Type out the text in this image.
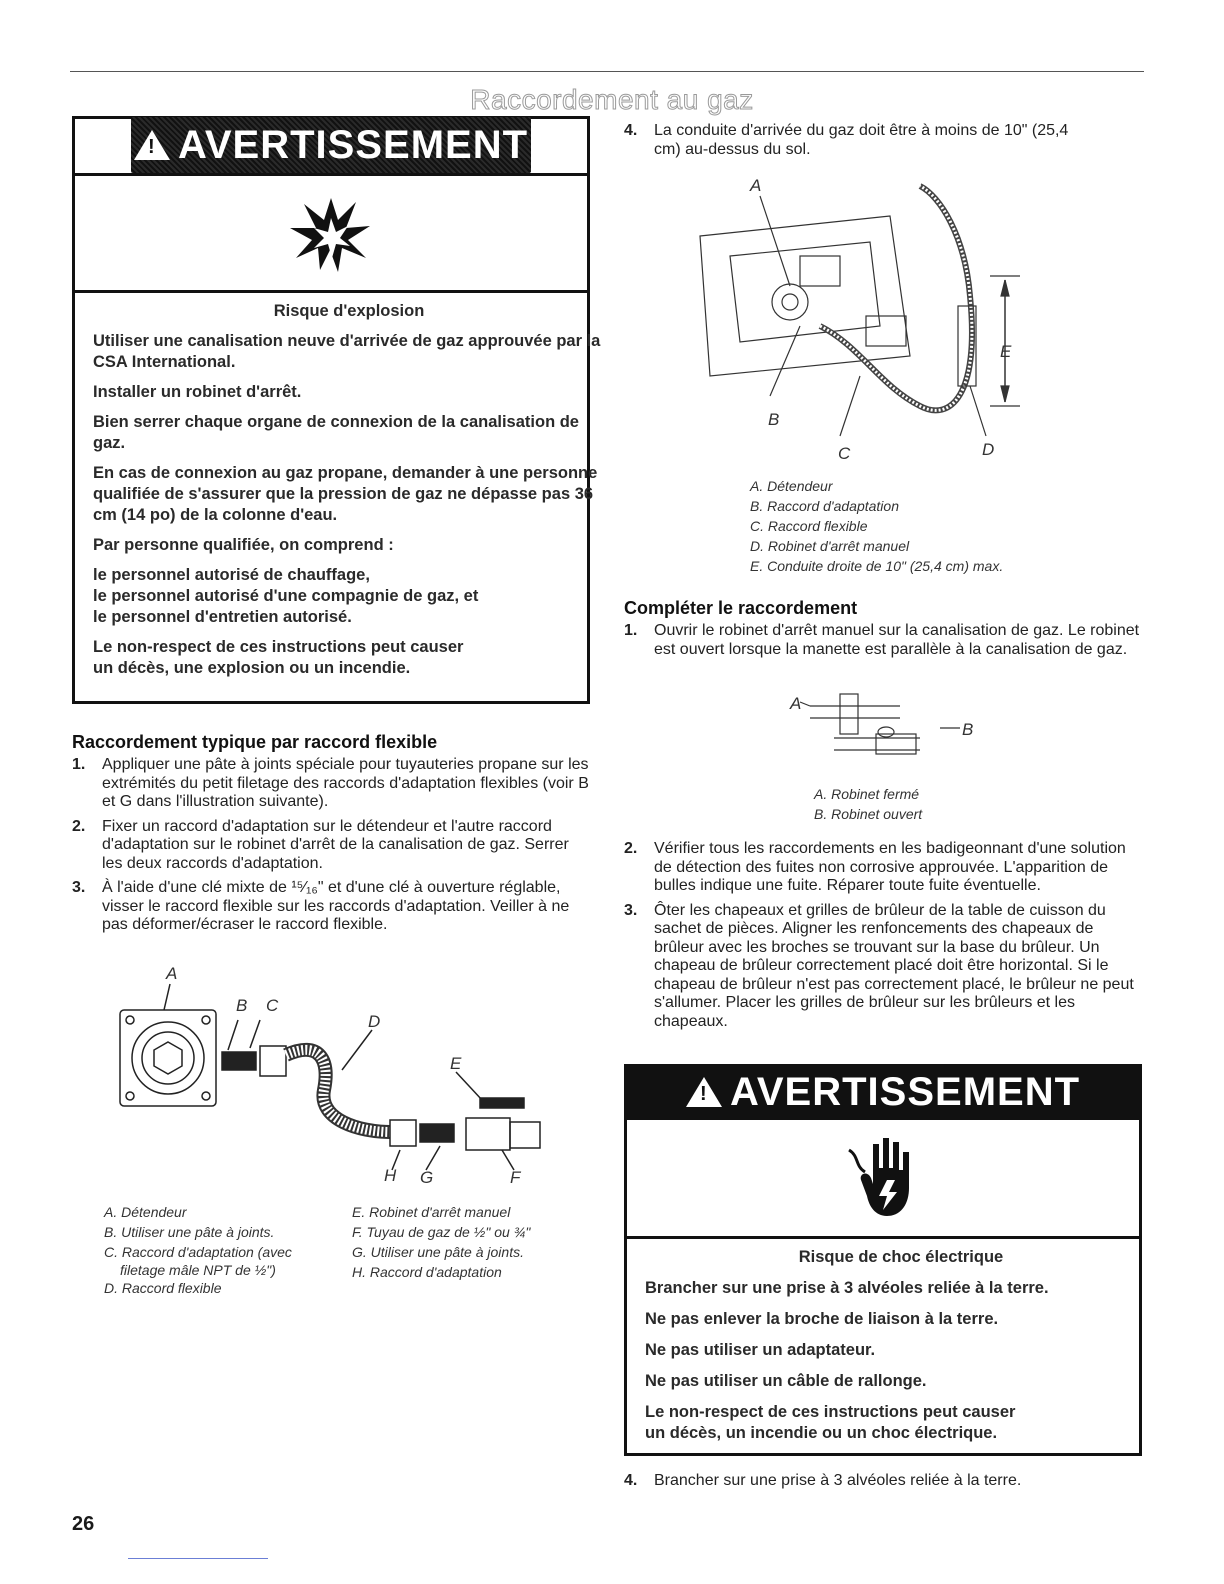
Raccordement au gaz
!
AVERTISSEMENT

Risque d'explosion

Utiliser une canalisation neuve d'arrivée de gaz approuvée par la CSA International.

Installer un robinet d'arrêt.

Bien serrer chaque organe de connexion de la canalisation de gaz.

En cas de connexion au gaz propane, demander à une personne qualifiée de s'assurer que la pression de gaz ne dépasse pas 36 cm (14 po) de la colonne d'eau.

Par personne qualifiée, on comprend :

le personnel autorisé de chauffage,

le personnel autorisé d'une compagnie de gaz, et

le personnel d'entretien autorisé.

Le non-respect de ces instructions peut causer

un décès, une explosion ou un incendie.

Raccordement typique par raccord flexible
1. Appliquer une pâte à joints spéciale pour tuyauteries propane sur les extrémités du petit filetage des raccords d'adaptation flexibles (voir B et G dans l'illustration suivante).
2. Fixer un raccord d'adaptation sur le détendeur et l'autre raccord d'adaptation sur le robinet d'arrêt de la canalisation de gaz. Serrer les deux raccords d'adaptation.
3. À l'aide d'une clé mixte de ¹⁵⁄₁₆" et d'une clé à ouverture réglable, visser le raccord flexible sur les raccords d'adaptation. Veiller à ne pas déformer/écraser le raccord flexible.
A
B C
D
E
H G	F
A. Détendeur
B. Utiliser une pâte à joints.
C. Raccord d'adaptation (avec
filetage mâle NPT de ½")
D. Raccord flexible
E. Robinet d'arrêt manuel
F. Tuyau de gaz de ½" ou ¾"
G. Utiliser une pâte à joints.
H. Raccord d'adaptation
4. La conduite d'arrivée du gaz doit être à moins de 10" (25,4 cm) au-dessus du sol.
A
B
C	D
E
A. Détendeur
B. Raccord d'adaptation
C. Raccord flexible
D. Robinet d'arrêt manuel
E. Conduite droite de 10" (25,4 cm) max.
Compléter le raccordement
1. Ouvrir le robinet d'arrêt manuel sur la canalisation de gaz. Le robinet est ouvert lorsque la manette est parallèle à la canalisation de gaz.
A
B
A. Robinet fermé
B. Robinet ouvert
2. Vérifier tous les raccordements en les badigeonnant d'une solution de détection des fuites non corrosive approuvée. L'apparition de bulles indique une fuite. Réparer toute fuite éventuelle.
3. Ôter les chapeaux et grilles de brûleur de la table de cuisson du sachet de pièces. Aligner les renfoncements des chapeaux de brûleur avec les broches se trouvant sur la base du brûleur. Un chapeau de brûleur correctement placé doit être horizontal. Si le chapeau de brûleur n'est pas correctement placé, le brûleur ne peut s'allumer. Placer les grilles de brûleur sur les brûleurs et les chapeaux.
!
AVERTISSEMENT

Risque de choc électrique

Brancher sur une prise à 3 alvéoles reliée à la terre.

Ne pas enlever la broche de liaison à la terre.

Ne pas utiliser un adaptateur.

Ne pas utiliser un câble de rallonge.

Le non-respect de ces instructions peut causer

un décès, un incendie ou un choc électrique.

4. Brancher sur une prise à 3 alvéoles reliée à la terre.
26
